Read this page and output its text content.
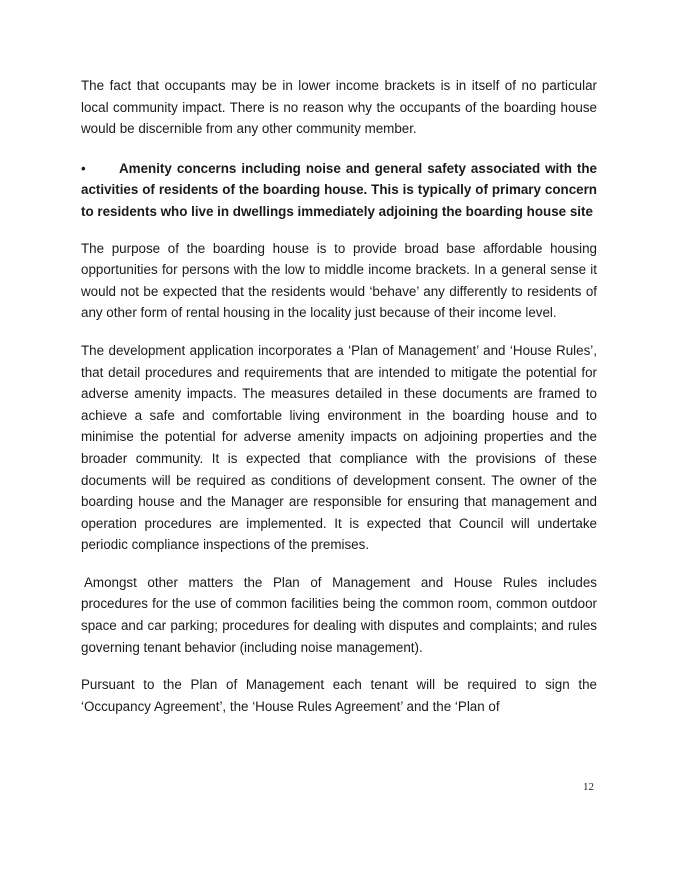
The fact that occupants may be in lower income brackets is in itself of no particular local community impact. There is no reason why the occupants of the boarding house would be discernible from any other community member.

• Amenity concerns including noise and general safety associated with the activities of residents of the boarding house. This is typically of primary concern to residents who live in dwellings immediately adjoining the boarding house site

The purpose of the boarding house is to provide broad base affordable housing opportunities for persons with the low to middle income brackets. In a general sense it would not be expected that the residents would ‘behave’ any differently to residents of any other form of rental housing in the locality just because of their income level.

The development application incorporates a ‘Plan of Management’ and ‘House Rules’, that detail procedures and requirements that are intended to mitigate the potential for adverse amenity impacts. The measures detailed in these documents are framed to achieve a safe and comfortable living environment in the boarding house and to minimise the potential for adverse amenity impacts on adjoining properties and the broader community. It is expected that compliance with the provisions of these documents will be required as conditions of development consent. The owner of the boarding house and the Manager are responsible for ensuring that management and operation procedures are implemented. It is expected that Council will undertake periodic compliance inspections of the premises.

Amongst other matters the Plan of Management and House Rules includes procedures for the use of common facilities being the common room, common outdoor space and car parking; procedures for dealing with disputes and complaints; and rules governing tenant behavior (including noise management).

Pursuant to the Plan of Management each tenant will be required to sign the ‘Occupancy Agreement’, the ‘House Rules Agreement’ and the ‘Plan of

12
